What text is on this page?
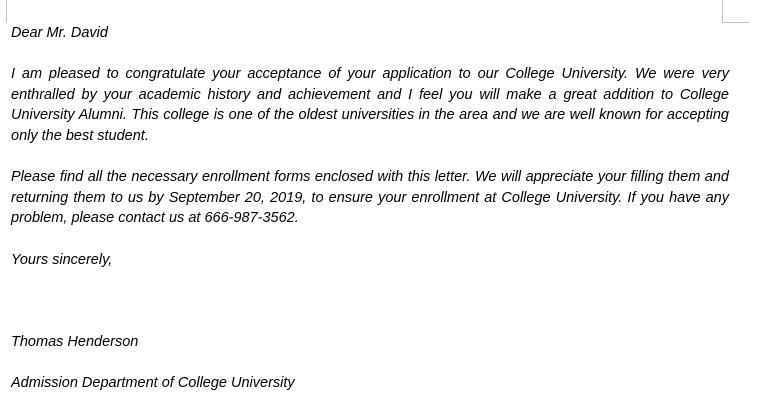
Dear Mr. David

I am pleased to congratulate your acceptance of your application to our College University. We were very enthralled by your academic history and achievement and I feel you will make a great addition to College University Alumni. This college is one of the oldest universities in the area and we are well known for accepting only the best student.

Please find all the necessary enrollment forms enclosed with this letter. We will appreciate your filling them and returning them to us by September 20, 2019, to ensure your enrollment at College University. If you have any problem, please contact us at 666-987-3562.

Yours sincerely,

Thomas Henderson

Admission Department of College University
